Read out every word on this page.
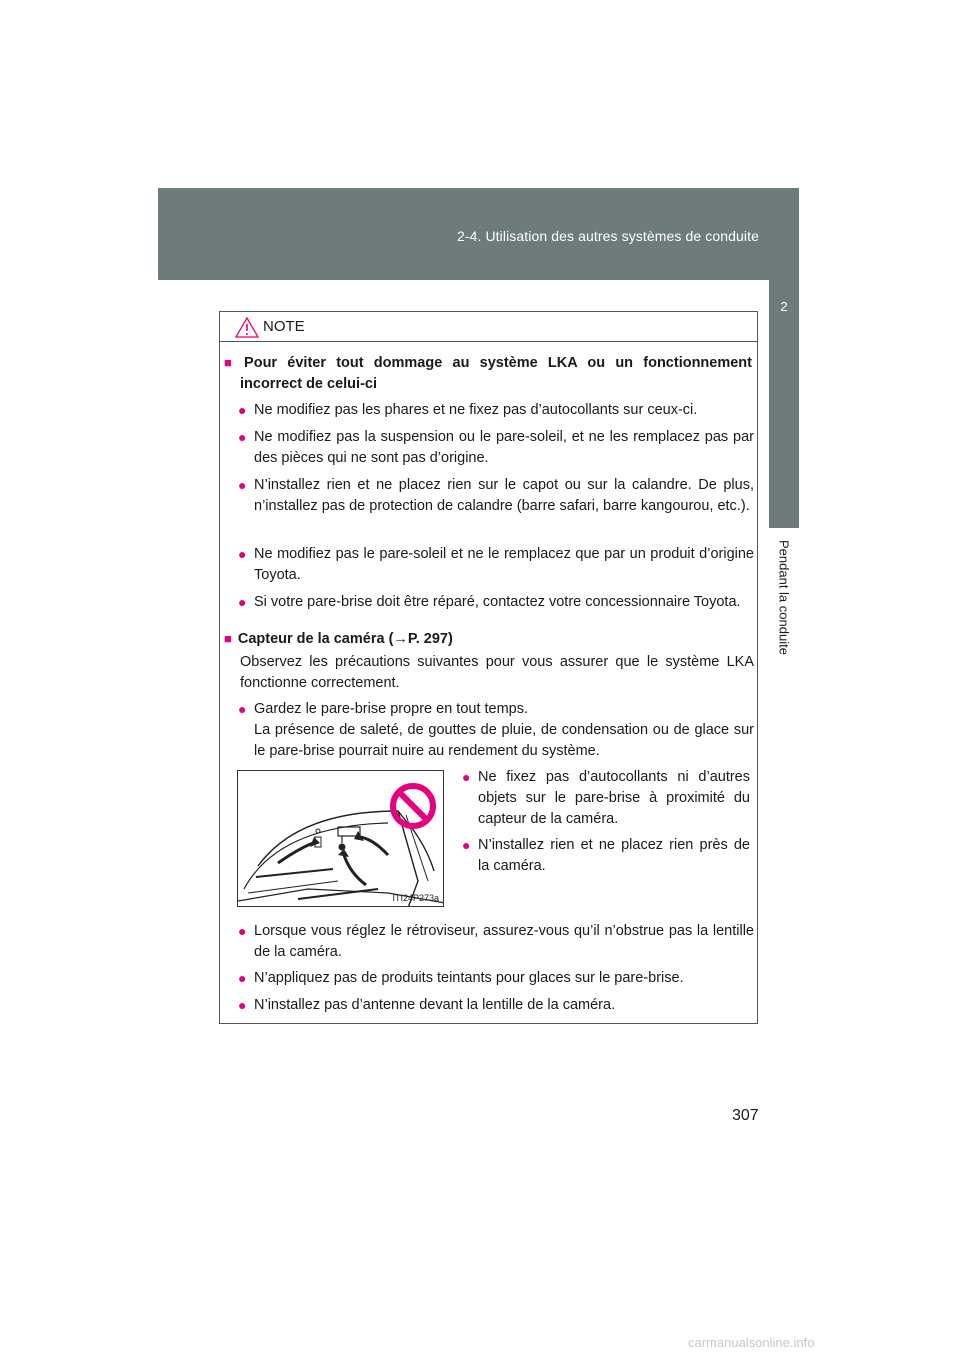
2-4. Utilisation des autres systèmes de conduite
2
Pendant la conduite
NOTE
■ Pour éviter tout dommage au système LKA ou un fonctionnement
incorrect de celui-ci
● Ne modifiez pas les phares et ne fixez pas d’autocollants sur ceux-ci.
● Ne modifiez pas la suspension ou le pare-soleil, et ne les remplacez pas par des pièces qui ne sont pas d’origine.
● N’installez rien et ne placez rien sur le capot ou sur la calandre. De plus, n’installez pas de protection de calandre (barre safari, barre kangourou, etc.).
● Ne modifiez pas le pare-soleil et ne le remplacez que par un produit d’origine Toyota.
● Si votre pare-brise doit être réparé, contactez votre concessionnaire Toyota.
■ Capteur de la caméra (→P. 297)
Observez les précautions suivantes pour vous assurer que le système LKA fonctionne correctement.
● Gardez le pare-brise propre en tout temps.
La présence de saleté, de gouttes de pluie, de condensation ou de glace sur le pare-brise pourrait nuire au rendement du système.
● Ne fixez pas d’autocollants ni d’autres objets sur le pare-brise à proximité du capteur de la caméra.
● N’installez rien et ne placez rien près de la caméra.
● Lorsque vous réglez le rétroviseur, assurez-vous qu’il n’obstrue pas la lentille de la caméra.
● N’appliquez pas de produits teintants pour glaces sur le pare-brise.
● N’installez pas d’antenne devant la lentille de la caméra.
ITI24P273a
307
carmanualsonline.info
